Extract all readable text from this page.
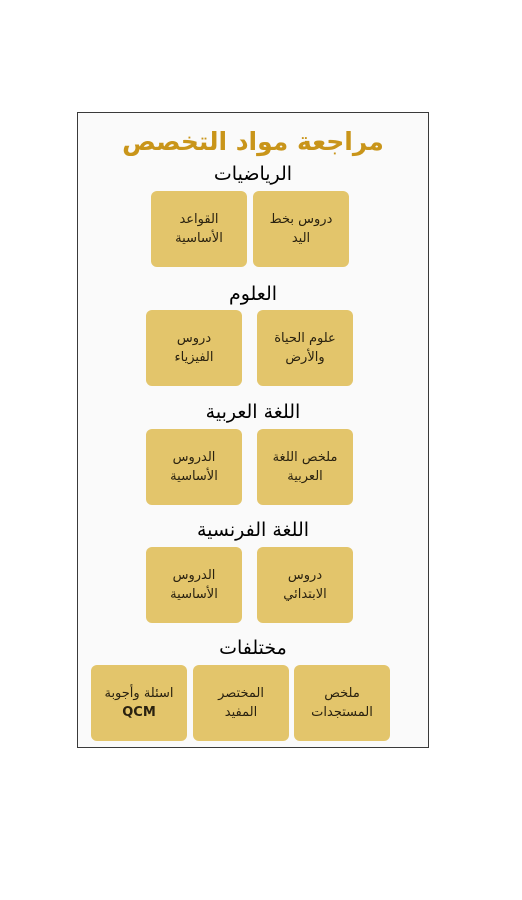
مراجعة مواد التخصص
الرياضيات
دروس بخط
اليد
القواعد
الأساسية
العلوم
علوم الحياة
والأرض
دروس
الفيزياء
اللغة العربية
ملخص اللغة
العربية
الدروس
الأساسية
اللغة الفرنسية
دروس
الابتدائي
الدروس
الأساسية
مختلفات
ملخص
المستجدات
المختصر
المفيد
اسئلة وأجوبة
QCM
